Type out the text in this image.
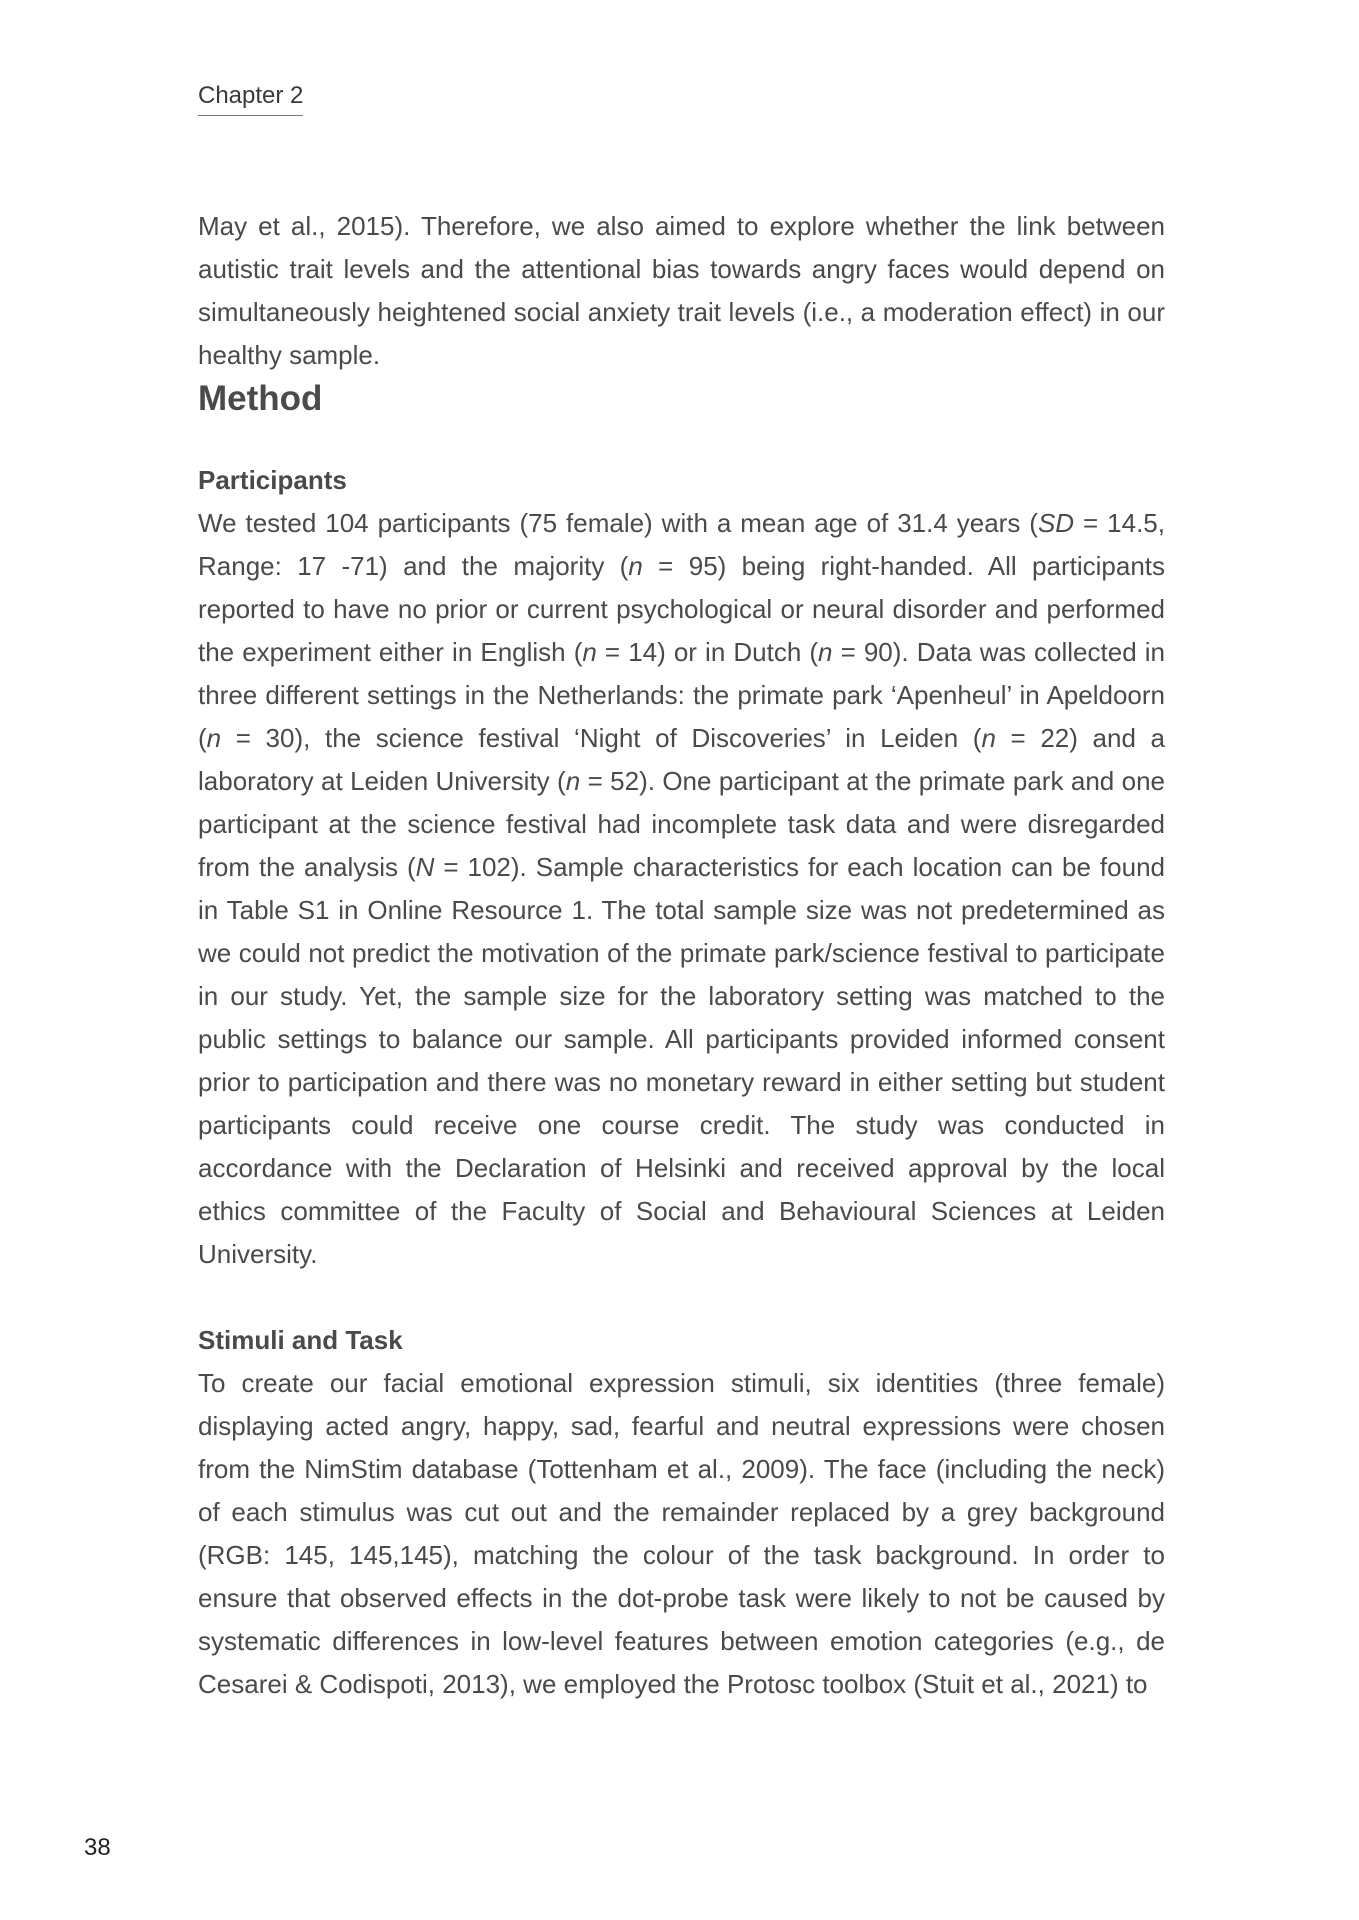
Chapter 2

May et al., 2015). Therefore, we also aimed to explore whether the link between autistic trait levels and the attentional bias towards angry faces would depend on simultaneously heightened social anxiety trait levels (i.e., a moderation effect) in our healthy sample.

Method
Participants

We tested 104 participants (75 female) with a mean age of 31.4 years (SD = 14.5, Range: 17 -71) and the majority (n = 95) being right-handed. All participants reported to have no prior or current psychological or neural disorder and performed the experiment either in English (n = 14) or in Dutch (n = 90). Data was collected in three different settings in the Netherlands: the primate park ‘Apenheul’ in Apeldoorn (n = 30), the science festival ‘Night of Discoveries’ in Leiden (n = 22) and a laboratory at Leiden University (n = 52). One participant at the primate park and one participant at the science festival had incomplete task data and were disregarded from the analysis (N = 102). Sample characteristics for each location can be found in Table S1 in Online Resource 1. The total sample size was not predetermined as we could not predict the motivation of the primate park/science festival to participate in our study. Yet, the sample size for the laboratory setting was matched to the public settings to balance our sample. All participants provided informed consent prior to participation and there was no monetary reward in either setting but student participants could receive one course credit. The study was conducted in accordance with the Declaration of Helsinki and received approval by the local ethics committee of the Faculty of Social and Behavioural Sciences at Leiden University.

Stimuli and Task

To create our facial emotional expression stimuli, six identities (three female) displaying acted angry, happy, sad, fearful and neutral expressions were chosen from the NimStim database (Tottenham et al., 2009). The face (including the neck) of each stimulus was cut out and the remainder replaced by a grey background (RGB: 145, 145,145), matching the colour of the task background. In order to ensure that observed effects in the dot-probe task were likely to not be caused by systematic differences in low-level features between emotion categories (e.g., de Cesarei & Codispoti, 2013), we employed the Protosc toolbox (Stuit et al., 2021) to

38
